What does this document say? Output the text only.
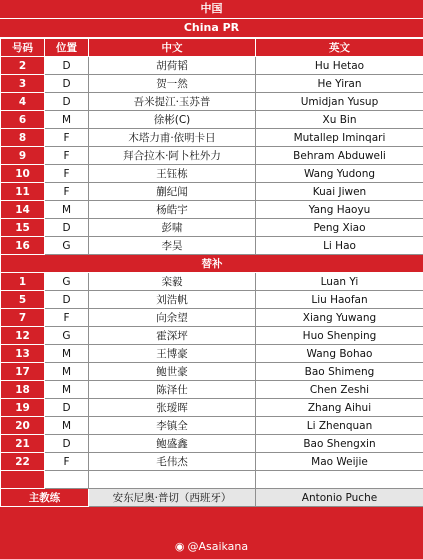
中国
China PR
号码	位置	中文	英文
2	D	胡荷韬	Hu Hetao
3	D	贺一然	He Yiran
4	D	吾米提江·玉苏普	Umidjan Yusup
6	M	徐彬(C)	Xu Bin
8	F	木塔力甫·依明卡日	Mutallep Iminqari
9	F	拜合拉木·阿卜杜外力	Behram Abduweli
10	F	王钰栋	Wang Yudong
11	F	蒯纪闻	Kuai Jiwen
14	M	杨皓宇	Yang Haoyu
15	D	彭啸	Peng Xiao
16	G	李昊	Li Hao
替补			
1	G	栾毅	Luan Yi
5	D	刘浩帆	Liu Haofan
7	F	向余望	Xiang Yuwang
12	G	霍深坪	Huo Shenping
13	M	王博豪	Wang Bohao
17	M	鲍世豪	Bao Shimeng
18	M	陈泽仕	Chen Zeshi
19	D	张瑷晖	Zhang Aihui
20	M	李镇全	Li Zhenquan
21	D	鲍盛鑫	Bao Shengxin
22	F	毛伟杰	Mao Weijie

主教练		安东尼奥·普切（西班牙）	Antonio Puche
◉ @Asaikana
